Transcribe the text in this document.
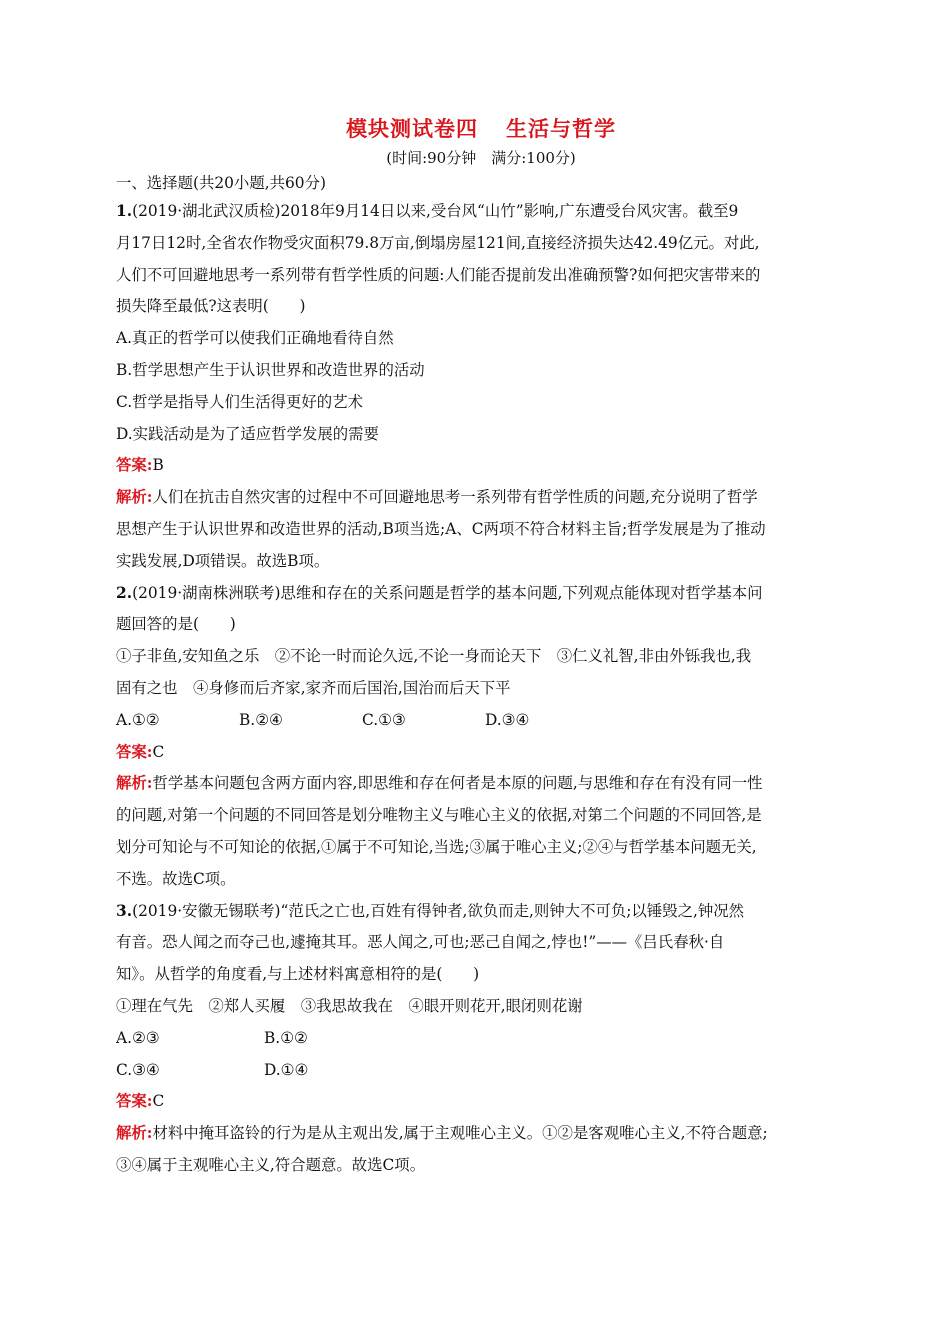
模块测试卷四 生活与哲学
(时间:90分钟　满分:100分)
一、选择题(共20小题,共60分)
1.(2019·湖北武汉质检)2018年9月14日以来,受台风“山竹”影响,广东遭受台风灾害。截至9
月17日12时,全省农作物受灾面积79.8万亩,倒塌房屋121间,直接经济损失达42.49亿元。对此,
人们不可回避地思考一系列带有哲学性质的问题:人们能否提前发出准确预警?如何把灾害带来的
损失降至最低?这表明(　　)
A.真正的哲学可以使我们正确地看待自然
B.哲学思想产生于认识世界和改造世界的活动
C.哲学是指导人们生活得更好的艺术
D.实践活动是为了适应哲学发展的需要
答案:B
解析:人们在抗击自然灾害的过程中不可回避地思考一系列带有哲学性质的问题,充分说明了哲学
思想产生于认识世界和改造世界的活动,B项当选;A、C两项不符合材料主旨;哲学发展是为了推动
实践发展,D项错误。故选B项。
2.(2019·湖南株洲联考)思维和存在的关系问题是哲学的基本问题,下列观点能体现对哲学基本问
题回答的是(　　)
①子非鱼,安知鱼之乐　②不论一时而论久远,不论一身而论天下　③仁义礼智,非由外铄我也,我
固有之也　④身修而后齐家,家齐而后国治,国治而后天下平
A.①②	B.②④	C.①③	D.③④
答案:C
解析:哲学基本问题包含两方面内容,即思维和存在何者是本原的问题,与思维和存在有没有同一性
的问题,对第一个问题的不同回答是划分唯物主义与唯心主义的依据,对第二个问题的不同回答,是
划分可知论与不可知论的依据,①属于不可知论,当选;③属于唯心主义;②④与哲学基本问题无关,
不选。故选C项。
3.(2019·安徽无锡联考)“范氏之亡也,百姓有得钟者,欲负而走,则钟大不可负;以锤毁之,钟况然
有音。恐人闻之而夺己也,遽掩其耳。恶人闻之,可也;恶己自闻之,悖也!”——《吕氏春秋·自
知》。从哲学的角度看,与上述材料寓意相符的是(　　)
①理在气先　②郑人买履　③我思故我在　④眼开则花开,眼闭则花谢
A.②③	B.①②
C.③④	D.①④
答案:C
解析:材料中掩耳盗铃的行为是从主观出发,属于主观唯心主义。①②是客观唯心主义,不符合题意;
③④属于主观唯心主义,符合题意。故选C项。
